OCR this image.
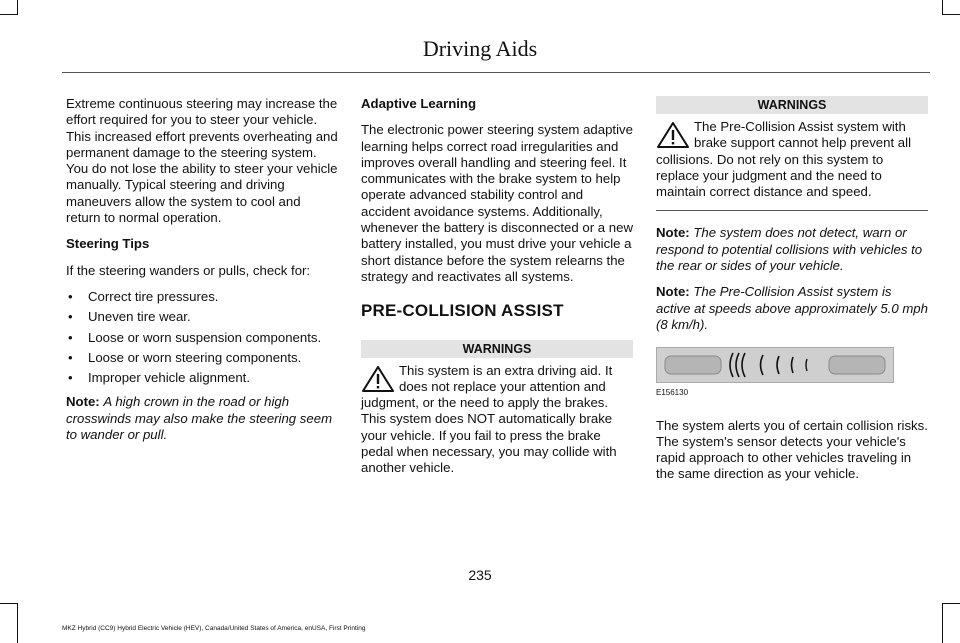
Driving Aids

Extreme continuous steering may increase the effort required for you to steer your vehicle. This increased effort prevents overheating and permanent damage to the steering system. You do not lose the ability to steer your vehicle manually. Typical steering and driving maneuvers allow the system to cool and return to normal operation.

Steering Tips

If the steering wanders or pulls, check for:

• Correct tire pressures.
• Uneven tire wear.
• Loose or worn suspension components.
• Loose or worn steering components.
• Improper vehicle alignment.

Note: A high crown in the road or high crosswinds may also make the steering seem to wander or pull.

Adaptive Learning

The electronic power steering system adaptive learning helps correct road irregularities and improves overall handling and steering feel. It communicates with the brake system to help operate advanced stability control and accident avoidance systems. Additionally, whenever the battery is disconnected or a new battery installed, you must drive your vehicle a short distance before the system relearns the strategy and reactivates all systems.

PRE-COLLISION ASSIST
WARNINGS
This system is an extra driving aid. It does not replace your attention and judgment, or the need to apply the brakes. This system does NOT automatically brake your vehicle. If you fail to press the brake pedal when necessary, you may collide with another vehicle.
WARNINGS
The Pre-Collision Assist system with brake support cannot help prevent all collisions. Do not rely on this system to replace your judgment and the need to maintain correct distance and speed.

Note: The system does not detect, warn or respond to potential collisions with vehicles to the rear or sides of your vehicle.

Note: The Pre-Collision Assist system is active at speeds above approximately 5.0 mph (8 km/h).

E156130

The system alerts you of certain collision risks. The system's sensor detects your vehicle's rapid approach to other vehicles traveling in the same direction as your vehicle.

235
MKZ Hybrid (CC9) Hybrid Electric Vehicle (HEV), Canada/United States of America, enUSA, First Printing
